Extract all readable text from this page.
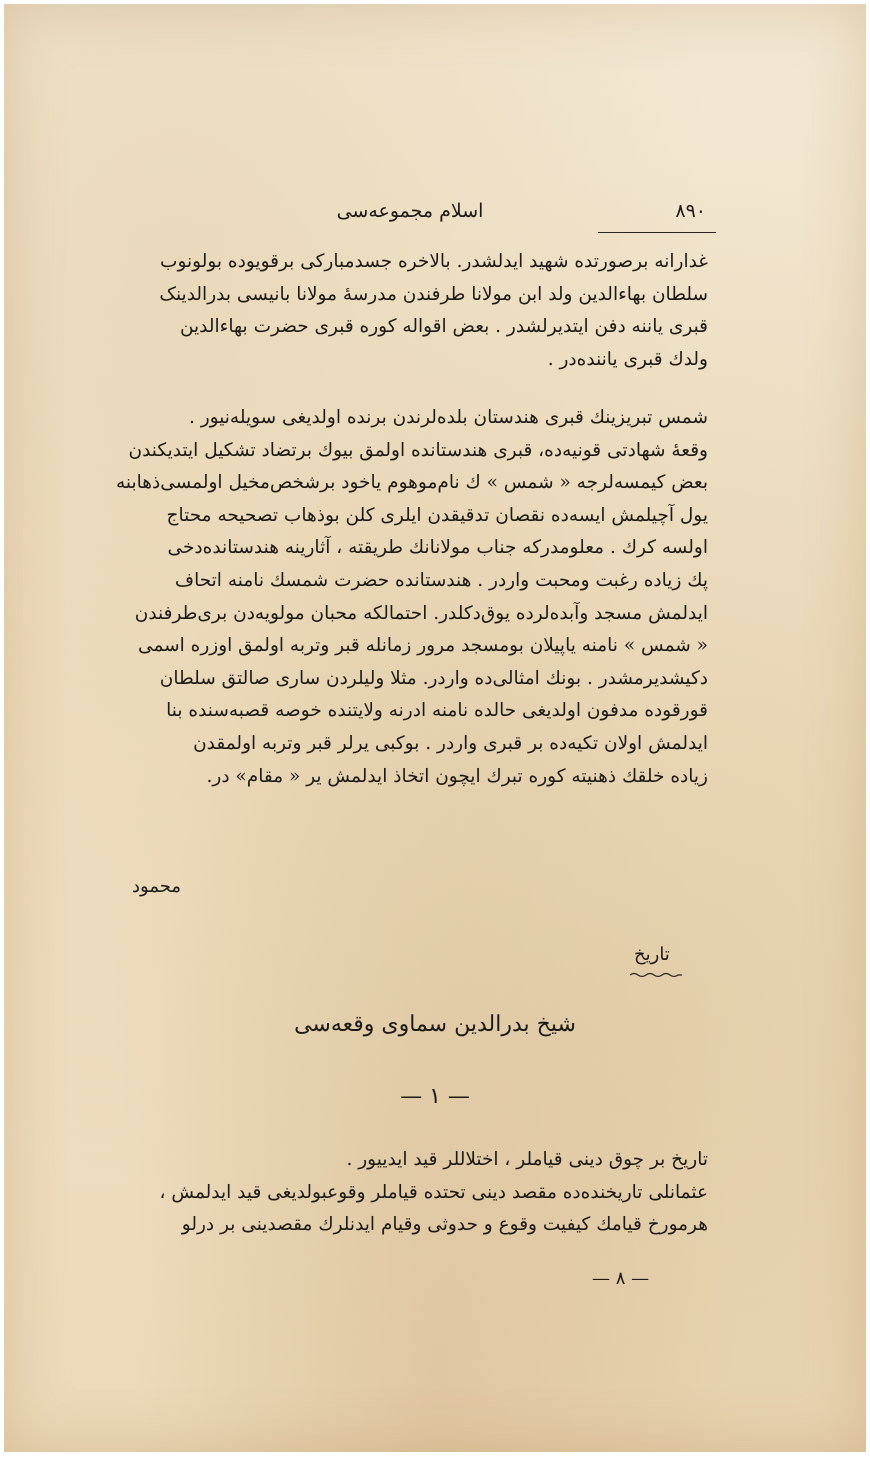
۸۹۰
اسلام مجموعه‌سی

غدارانه برصورتده شهید ایدلشدر. بالاخره جسدمبارکی برقویوده بولونوب

سلطان بهاءالدین ولد ابن مولانا طرفندن مدرسهٔ مولانا بانیسی بدرالدینک

قبری یاننه دفن ایتدیرلشدر . بعض اقواله کوره قبری حضرت بهاءالدین

ولدك قبری یاننده‌در .

شمس تبریزینك قبری هندستان بلده‌لرندن برنده اولدیغی سویله‌نیور .

وقعهٔ شهادتی قونیه‌ده، قبری هندستانده اولمق بیوك برتضاد تشکیل ایتدیکندن

بعض کیمسه‌لرجه « شمس » ك نام‌موهوم یاخود برشخص‌مخیل اولمسی‌ذهابنه

یول آچیلمش ایسه‌ده نقصان تدقیقدن ایلری کلن بوذهاب تصحیحه محتاج

اولسه کرك . معلومدرکه جناب مولانانك طریقته ، آثارینه هندستانده‌دخی

پك زیاده رغبت ومحبت واردر . هندستانده حضرت شمسك نامنه اتحاف

ایدلمش مسجد وآبده‌لرده یوق‌دکلدر. احتمالکه محبان مولویه‌دن بری‌طرفندن

« شمس » نامنه یاپیلان بومسجد مرور زمانله قبر وتربه اولمق اوزره اسمی

دکیشدیرمشدر . بونك امثالی‌ده واردر. مثلا ولیلردن ساری صالتق سلطان

قورقوده مدفون اولدیغی حالده نامنه ادرنه ولایتنده خوصه قصبه‌سنده بنا

ایدلمش اولان تکیه‌ده بر قبری واردر . بوکبی یرلر قبر وتربه اولمقدن

زیاده خلقك ذهنیته کوره تبرك ایچون اتخاذ ایدلمش یر « مقام» در.

محمود
تاریخ
شیخ بدرالدین سماوی وقعه‌سی
— ۱ —

تاریخ بر چوق دینی قیاملر ، اختلاللر قید ایدییور .

عثمانلی تاریخنده‌ده مقصد دینی تحتده قیاملر وقوعبولدیغی قید ایدلمش ،

هرمورخ قیامك کیفیت وقوع و حدوثی وقیام ایدنلرك مقصدینی بر درلو

— ۸ —
